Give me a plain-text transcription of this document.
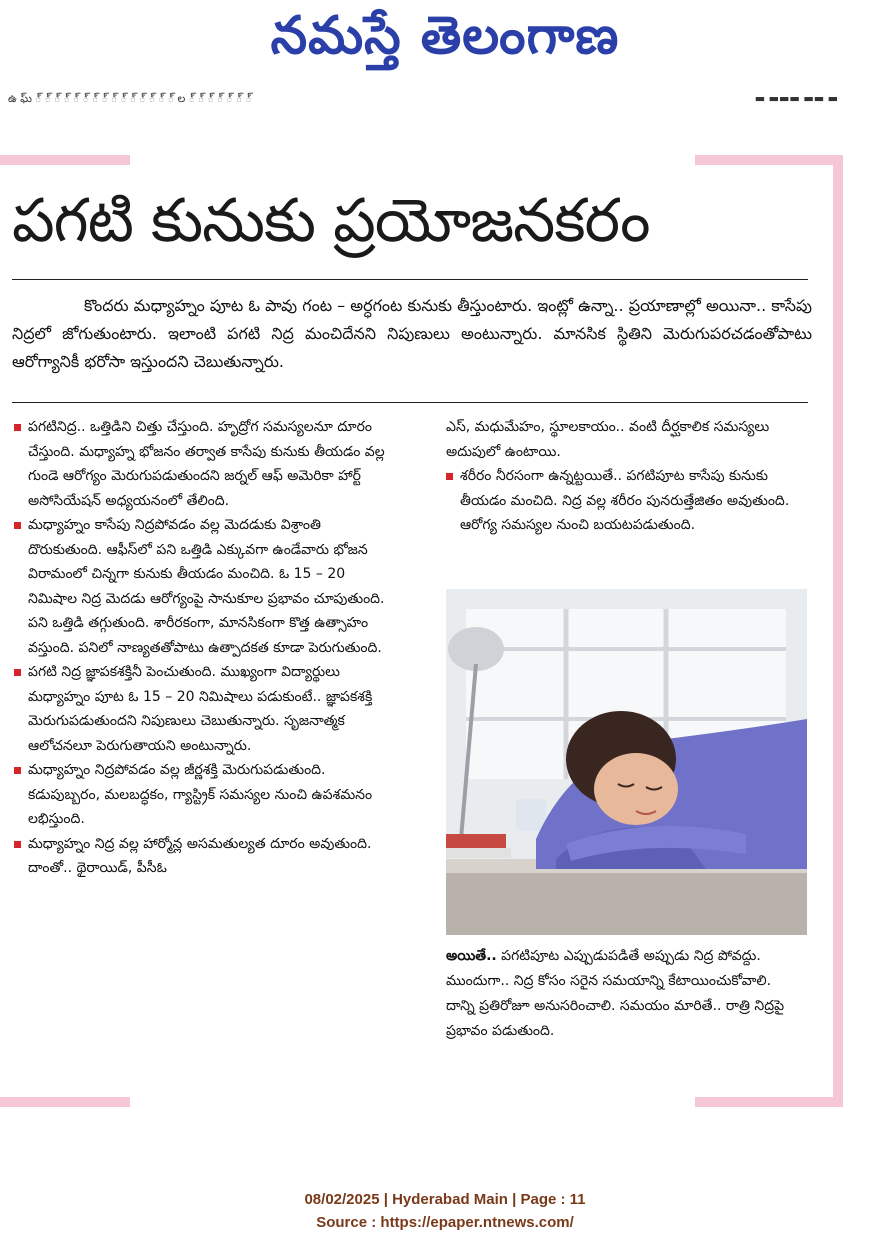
నమస్తే తెలంగాణ
ఉ ఘ్ ్ ్ ్ ్ ్ ్ ్ ్ ్ ్ ్ ్ ్ ్ ్ ల ్ ్ ్ ్ ్ ్ ్	▬ ▬▬▬ ▬▬ ▬
పగటి కునుకు ప్రయోజనకరం

కొందరు మధ్యాహ్నం పూట ఓ పావు గంట – అర్ధగంట కునుకు తీస్తుంటారు. ఇంట్లో ఉన్నా.. ప్రయాణాల్లో అయినా.. కాసేపు నిద్రలో జోగుతుంటారు. ఇలాంటి పగటి నిద్ర మంచిదేనని నిపుణులు అంటున్నారు. మానసిక స్థితిని మెరుగుపరచడంతోపాటు ఆరోగ్యానికీ భరోసా ఇస్తుందని చెబుతున్నారు.

పగటినిద్ర.. ఒత్తిడిని చిత్తు చేస్తుంది. హృద్రోగ సమస్యలనూ దూరం చేస్తుంది. మధ్యాహ్న భోజనం తర్వాత కాసేపు కునుకు తీయడం వల్ల గుండె ఆరోగ్యం మెరుగుపడుతుందని జర్నల్ ఆఫ్ అమెరికా హార్ట్ అసోసియేషన్ అధ్యయనంలో తేలింది.

మధ్యాహ్నం కాసేపు నిద్రపోవడం వల్ల మెదడుకు విశ్రాంతి దొరుకుతుంది. ఆఫీస్‌లో పని ఒత్తిడి ఎక్కువగా ఉండేవారు భోజన విరామంలో చిన్నగా కునుకు తీయడం మంచిది. ఓ 15 – 20 నిమిషాల నిద్ర మెదడు ఆరోగ్యంపై సానుకూల ప్రభావం చూపుతుంది. పని ఒత్తిడి తగ్గుతుంది. శారీరకంగా, మానసికంగా కొత్త ఉత్సాహం వస్తుంది. పనిలో నాణ్యతతోపాటు ఉత్పాదకత కూడా పెరుగుతుంది.

పగటి నిద్ర జ్ఞాపకశక్తినీ పెంచుతుంది. ముఖ్యంగా విద్యార్థులు మధ్యాహ్నం పూట ఓ 15 – 20 నిమిషాలు పడుకుంటే.. జ్ఞాపకశక్తి మెరుగుపడుతుందని నిపుణులు చెబుతున్నారు. సృజనాత్మక ఆలోచనలూ పెరుగుతాయని అంటున్నారు.

మధ్యాహ్నం నిద్రపోవడం వల్ల జీర్ణశక్తి మెరుగుపడుతుంది. కడుపుబ్బరం, మలబద్ధకం, గ్యాస్ట్రిక్ సమస్యల నుంచి ఉపశమనం లభిస్తుంది.

మధ్యాహ్నం నిద్ర వల్ల హార్మోన్ల అసమతుల్యత దూరం అవుతుంది. దాంతో.. థైరాయిడ్, పీసీఓ

ఎస్, మధుమేహం, స్థూలకాయం.. వంటి దీర్ఘకాలిక సమస్యలు అదుపులో ఉంటాయి.

శరీరం నీరసంగా ఉన్నట్టయితే.. పగటిపూట కాసేపు కునుకు తీయడం మంచిది. నిద్ర వల్ల శరీరం పునరుత్తేజితం అవుతుంది. ఆరోగ్య సమస్యల నుంచి బయటపడుతుంది.

అయితే.. పగటిపూట ఎప్పుడుపడితే అప్పుడు నిద్ర పోవద్దు. ముందుగా.. నిద్ర కోసం సరైన సమయాన్ని కేటాయించుకోవాలి. దాన్ని ప్రతిరోజూ అనుసరించాలి. సమయం మారితే.. రాత్రి నిద్రపై ప్రభావం పడుతుంది.

08/02/2025 | Hyderabad Main | Page : 11
Source : https://epaper.ntnews.com/
